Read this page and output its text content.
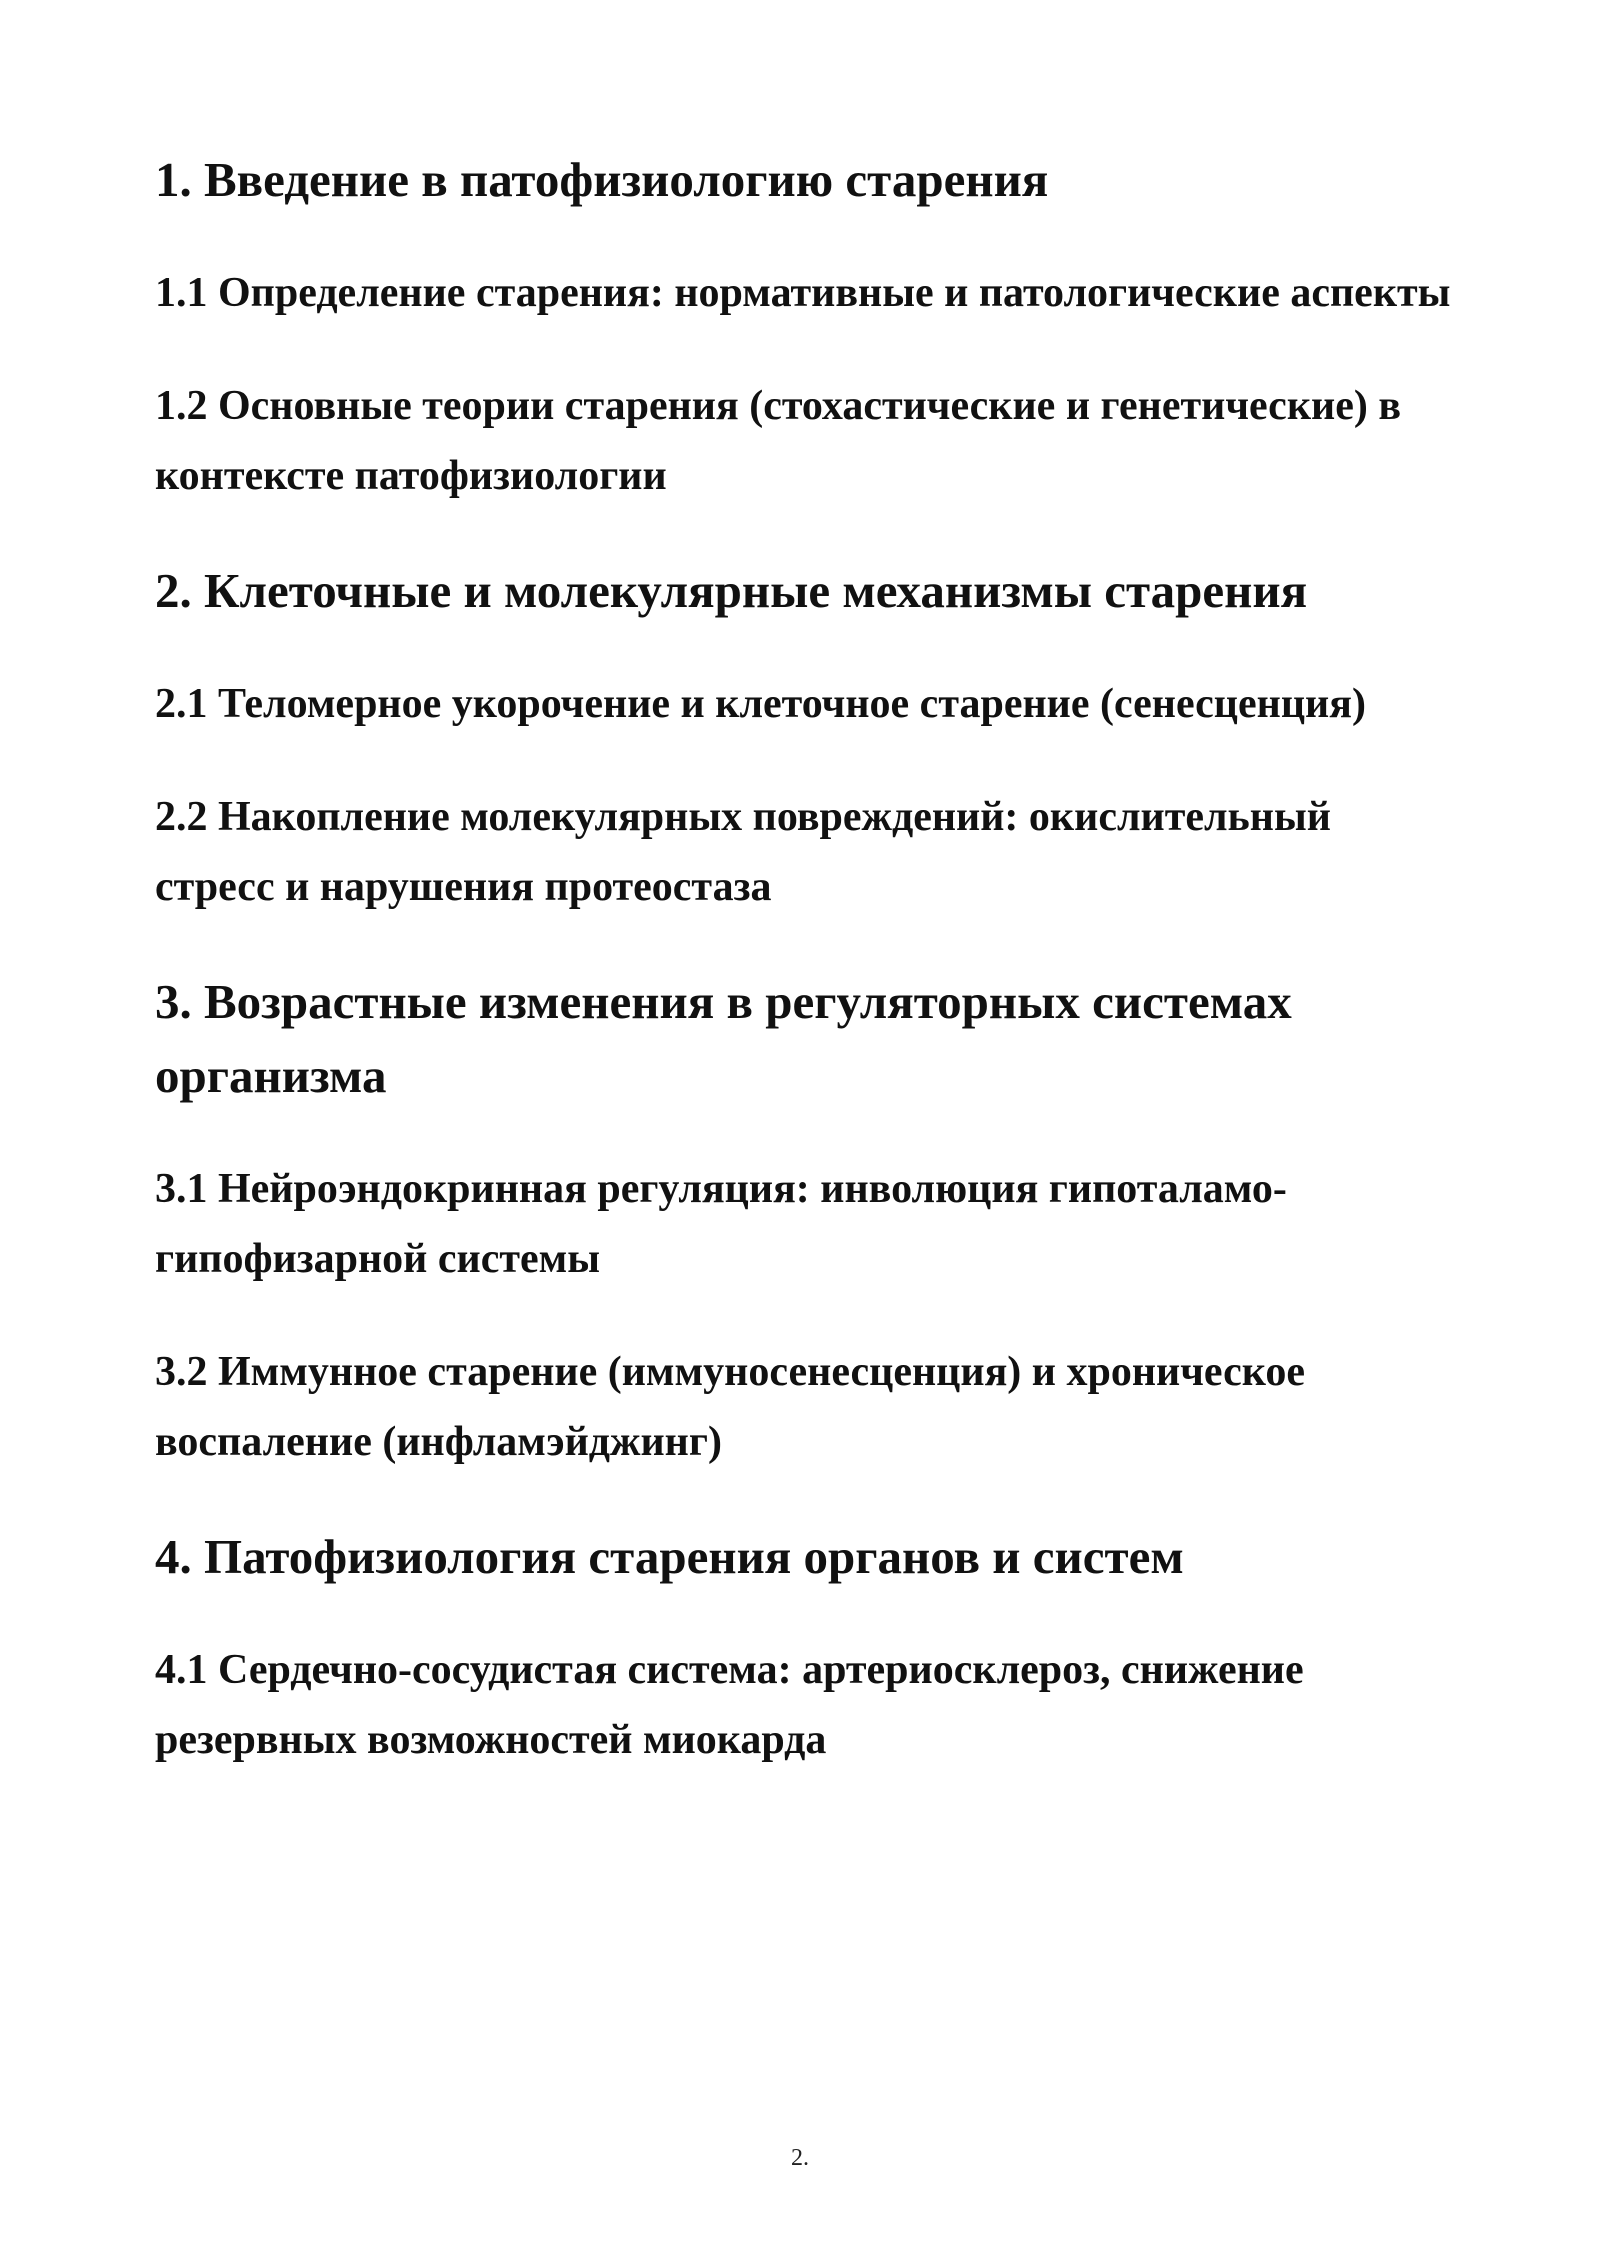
1. Введение в патофизиологию старения
1.1 Определение старения: нормативные и патологические аспекты
1.2 Основные теории старения (стохастические и генетические) в контексте патофизиологии
2. Клеточные и молекулярные механизмы старения
2.1 Теломерное укорочение и клеточное старение (сенесценция)
2.2 Накопление молекулярных повреждений: окислительный стресс и нарушения протеостаза
3. Возрастные изменения в регуляторных системах организма
3.1 Нейроэндокринная регуляция: инволюция гипоталамо-гипофизарной системы
3.2 Иммунное старение (иммуносенесценция) и хроническое воспаление (инфламэйджинг)
4. Патофизиология старения органов и систем
4.1 Сердечно-сосудистая система: артериосклероз, снижение резервных возможностей миокарда
2.
